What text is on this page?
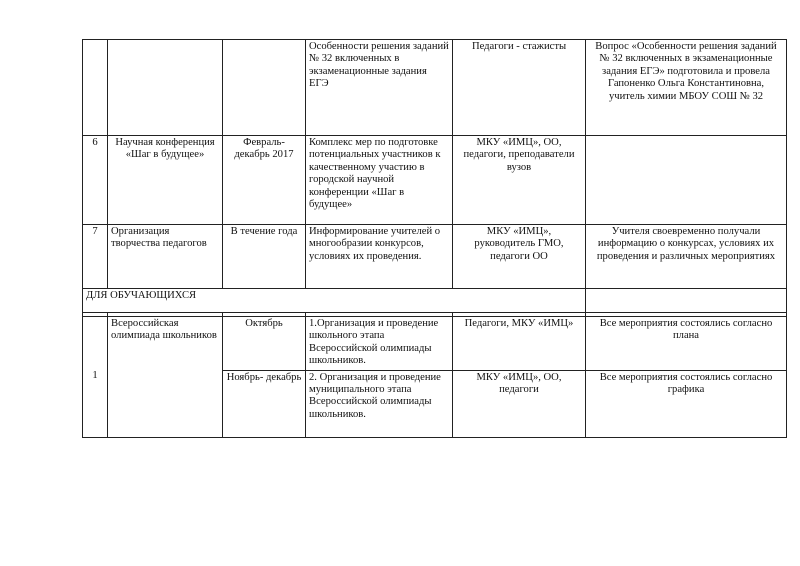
			Особенности решения заданий № 32 включенных в экзаменационные задания ЕГЭ	Педагоги - стажисты	Вопрос «Особенности решения заданий № 32 включенных в экзаменационные задания ЕГЭ» подготовила и провела Гапоненко Ольга Константиновна, учитель химии МБОУ СОШ № 32
6	Научная конференция «Шаг в будущее»	Февраль- декабрь 2017	Комплекс мер по подготовке потенциальных участников к качественному участию в городской научной конференции «Шаг в будущее»	МКУ «ИМЦ», ОО, педагоги, преподаватели вузов	
7	Организация творчества педагогов	В течение года	Информирование учителей о многообразии конкурсов, условиях их проведения.	МКУ «ИМЦ», руководитель ГМО, педагоги ОО	Учителя своевременно получали информацию о конкурсах, условиях их проведения и различных мероприятиях
ДЛЯ ОБУЧАЮЩИХСЯ					

1	Всероссийская олимпиада школьников	Октябрь	1.Организация и проведение школьного этапа Всероссийской олимпиады школьников.	Педагоги, МКУ «ИМЦ»	Все мероприятия состоялись согласно плана
		Ноябрь- декабрь	2. Организация и проведение муниципального этапа Всероссийской олимпиады школьников.	МКУ «ИМЦ», ОО, педагоги	Все мероприятия состоялись согласно графика
